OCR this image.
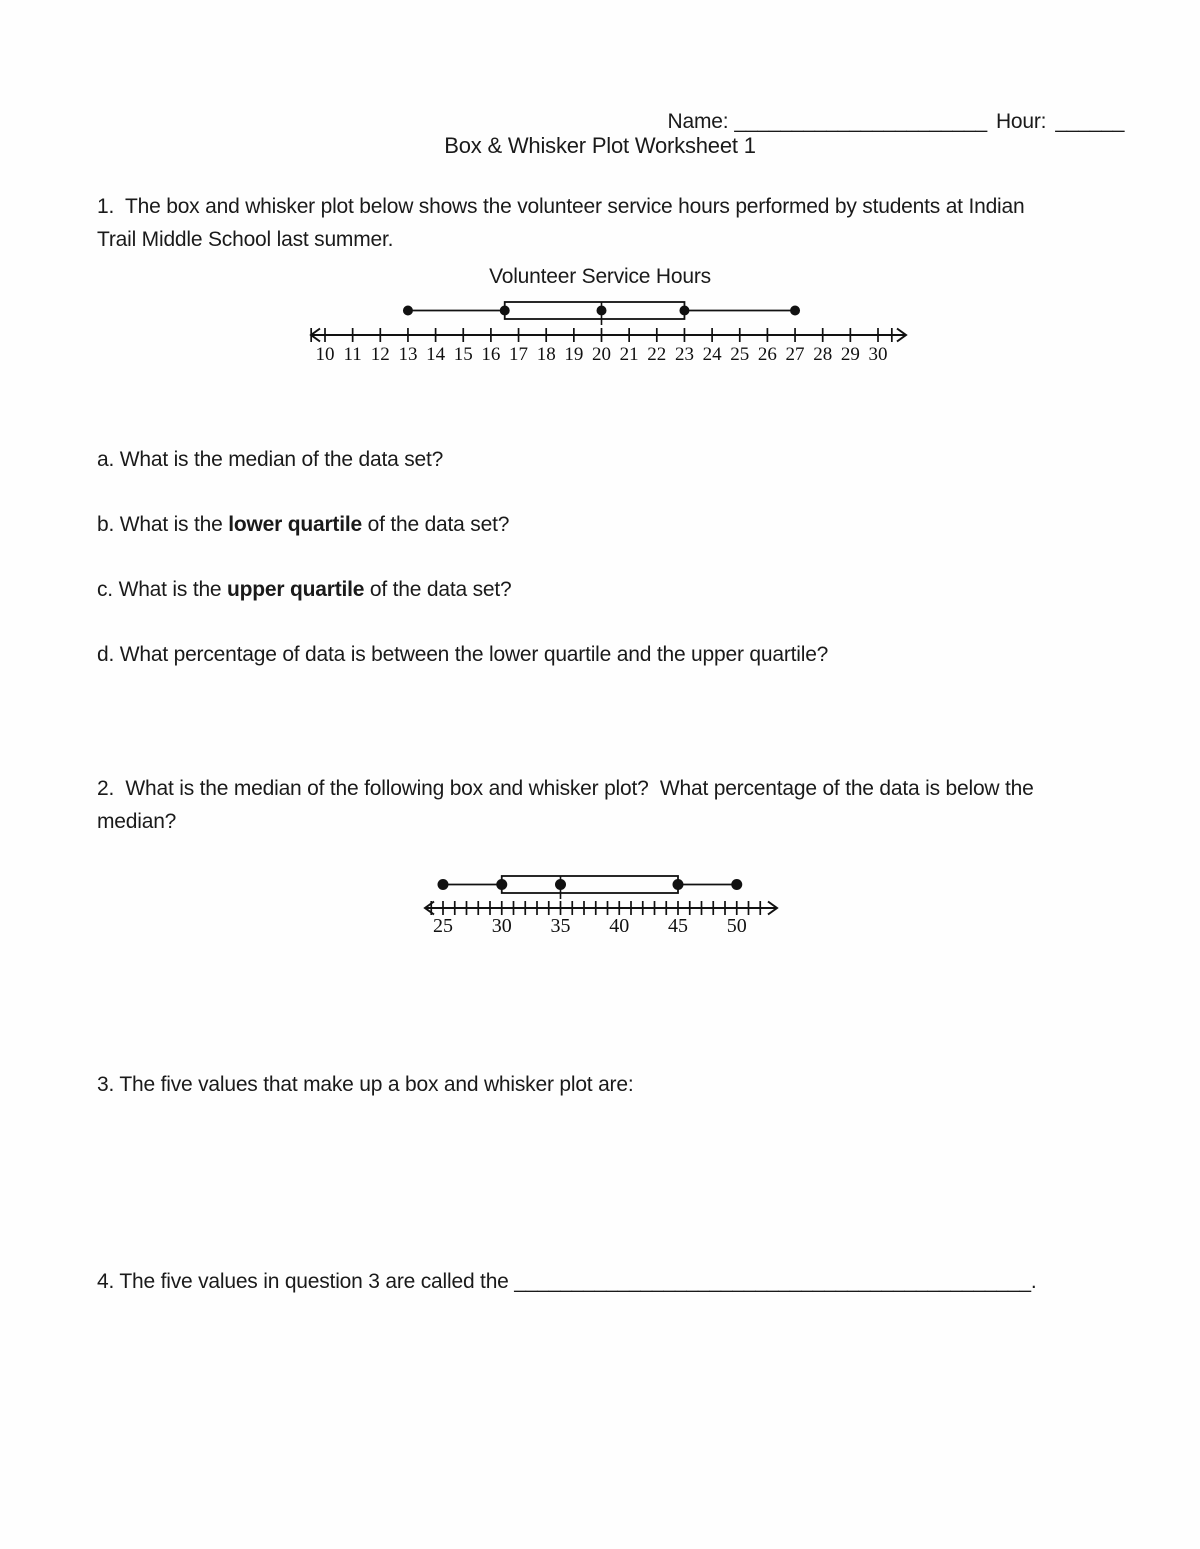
Name: ______________________ Hour: ______

Box & Whisker Plot Worksheet 1
1.  The box and whisker plot below shows the volunteer service hours performed by students at Indian
Trail Middle School last summer.
Volunteer Service Hours
10 11 12 13 14 15 16 17 18 19 20 21 22 23 24 25 26 27 28 29 30
a. What is the median of the data set?
b. What is the lower quartile of the data set?
c. What is the upper quartile of the data set?
d. What percentage of data is between the lower quartile and the upper quartile?
2.  What is the median of the following box and whisker plot?  What percentage of the data is below the
median?
25 30 35 40 45 50
3. The five values that make up a box and whisker plot are:
4. The five values in question 3 are called the _____________________________________________.
